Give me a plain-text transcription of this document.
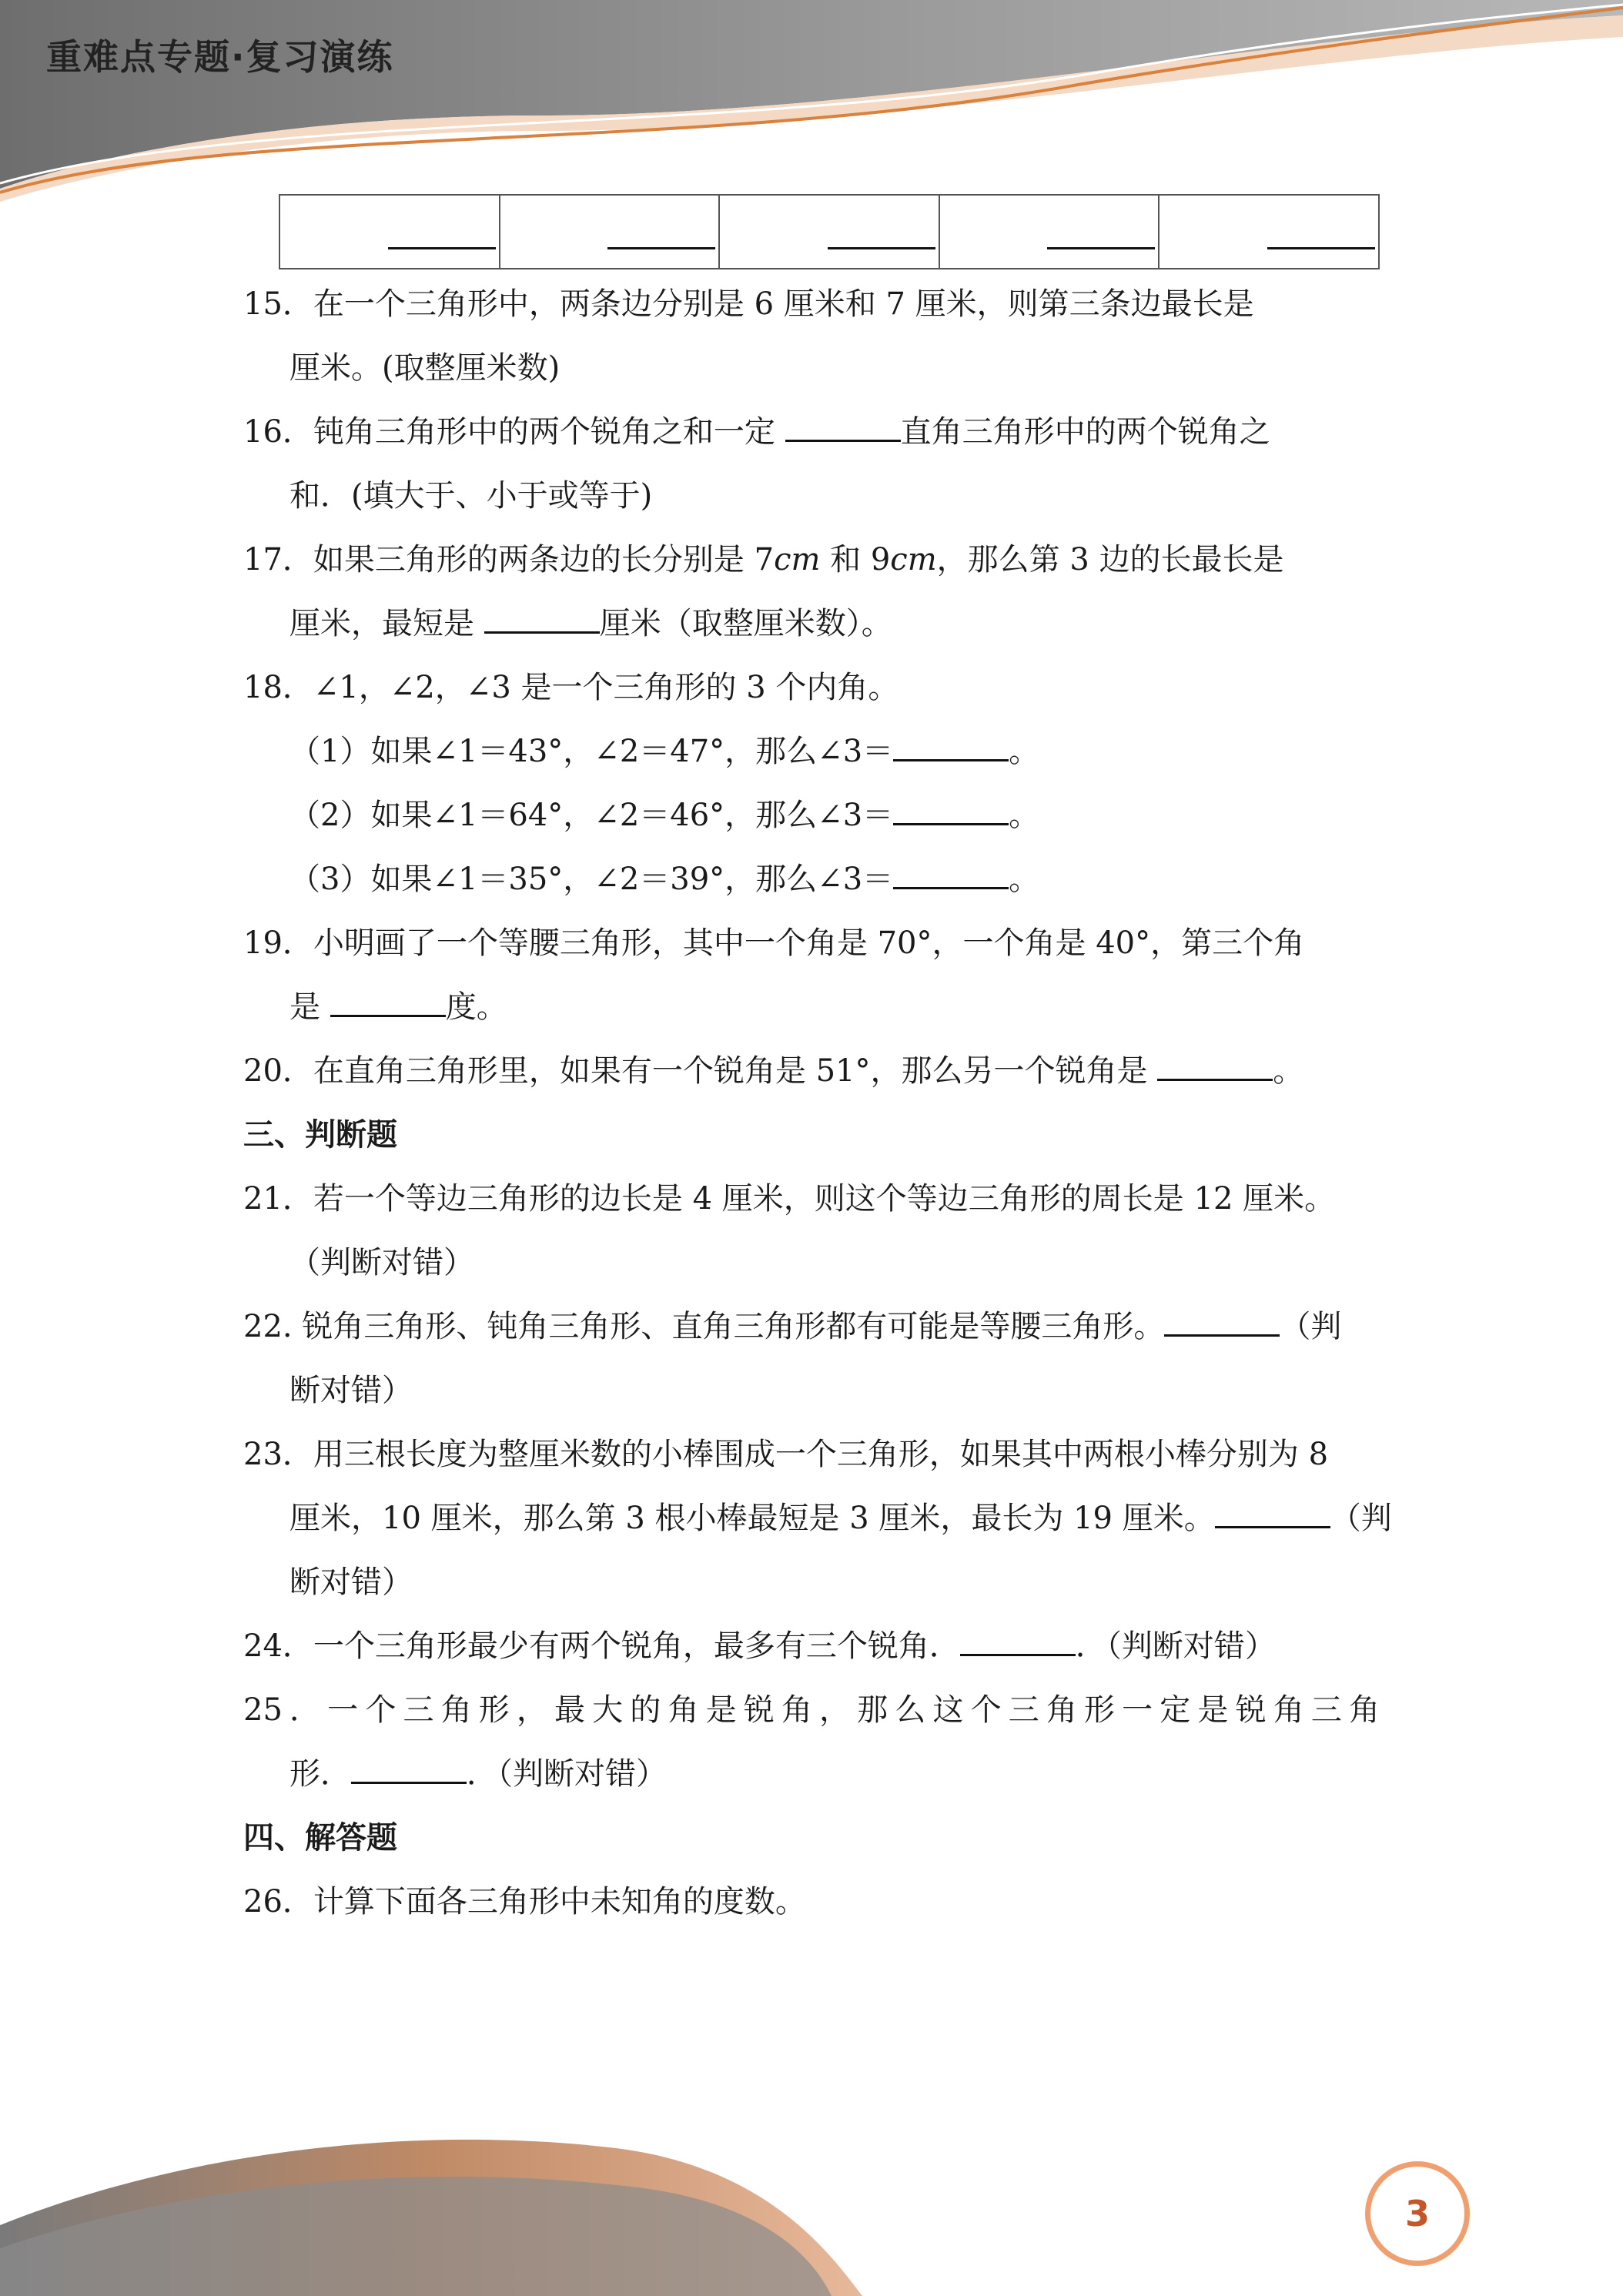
重难点专题·复习演练

15．在一个三角形中，两条边分别是 6 厘米和 7 厘米，则第三条边最长是
厘米。(取整厘米数)
16．钝角三角形中的两个锐角之和一定	直角三角形中的两个锐角之
和．(填大于、小于或等于)
17．如果三角形的两条边的长分别是 7cm 和 9cm，那么第 3 边的长最长是
厘米，最短是	厘米（取整厘米数）。
18．∠1，∠2，∠3 是一个三角形的 3 个内角。
（1）如果∠1＝43°，∠2＝47°，那么∠3＝	。
（2）如果∠1＝64°，∠2＝46°，那么∠3＝	。
（3）如果∠1＝35°，∠2＝39°，那么∠3＝	。
19．小明画了一个等腰三角形，其中一个角是 70°，一个角是 40°，第三个角
是	度。
20．在直角三角形里，如果有一个锐角是 51°，那么另一个锐角是	。
三、判断题
21．若一个等边三角形的边长是 4 厘米，则这个等边三角形的周长是 12 厘米。
（判断对错）
22. 锐角三角形、钝角三角形、直角三角形都有可能是等腰三角形。	（判
断对错）
23．用三根长度为整厘米数的小棒围成一个三角形，如果其中两根小棒分别为 8
厘米，10 厘米，那么第 3 根小棒最短是 3 厘米，最长为 19 厘米。	（判
断对错）
24．一个三角形最少有两个锐角，最多有三个锐角．	．（判断对错）
25．一个三角形，最大的角是锐角，那么这个三角形一定是锐角三角
形．	．（判断对错）
四、解答题
26．计算下面各三角形中未知角的度数。
3
